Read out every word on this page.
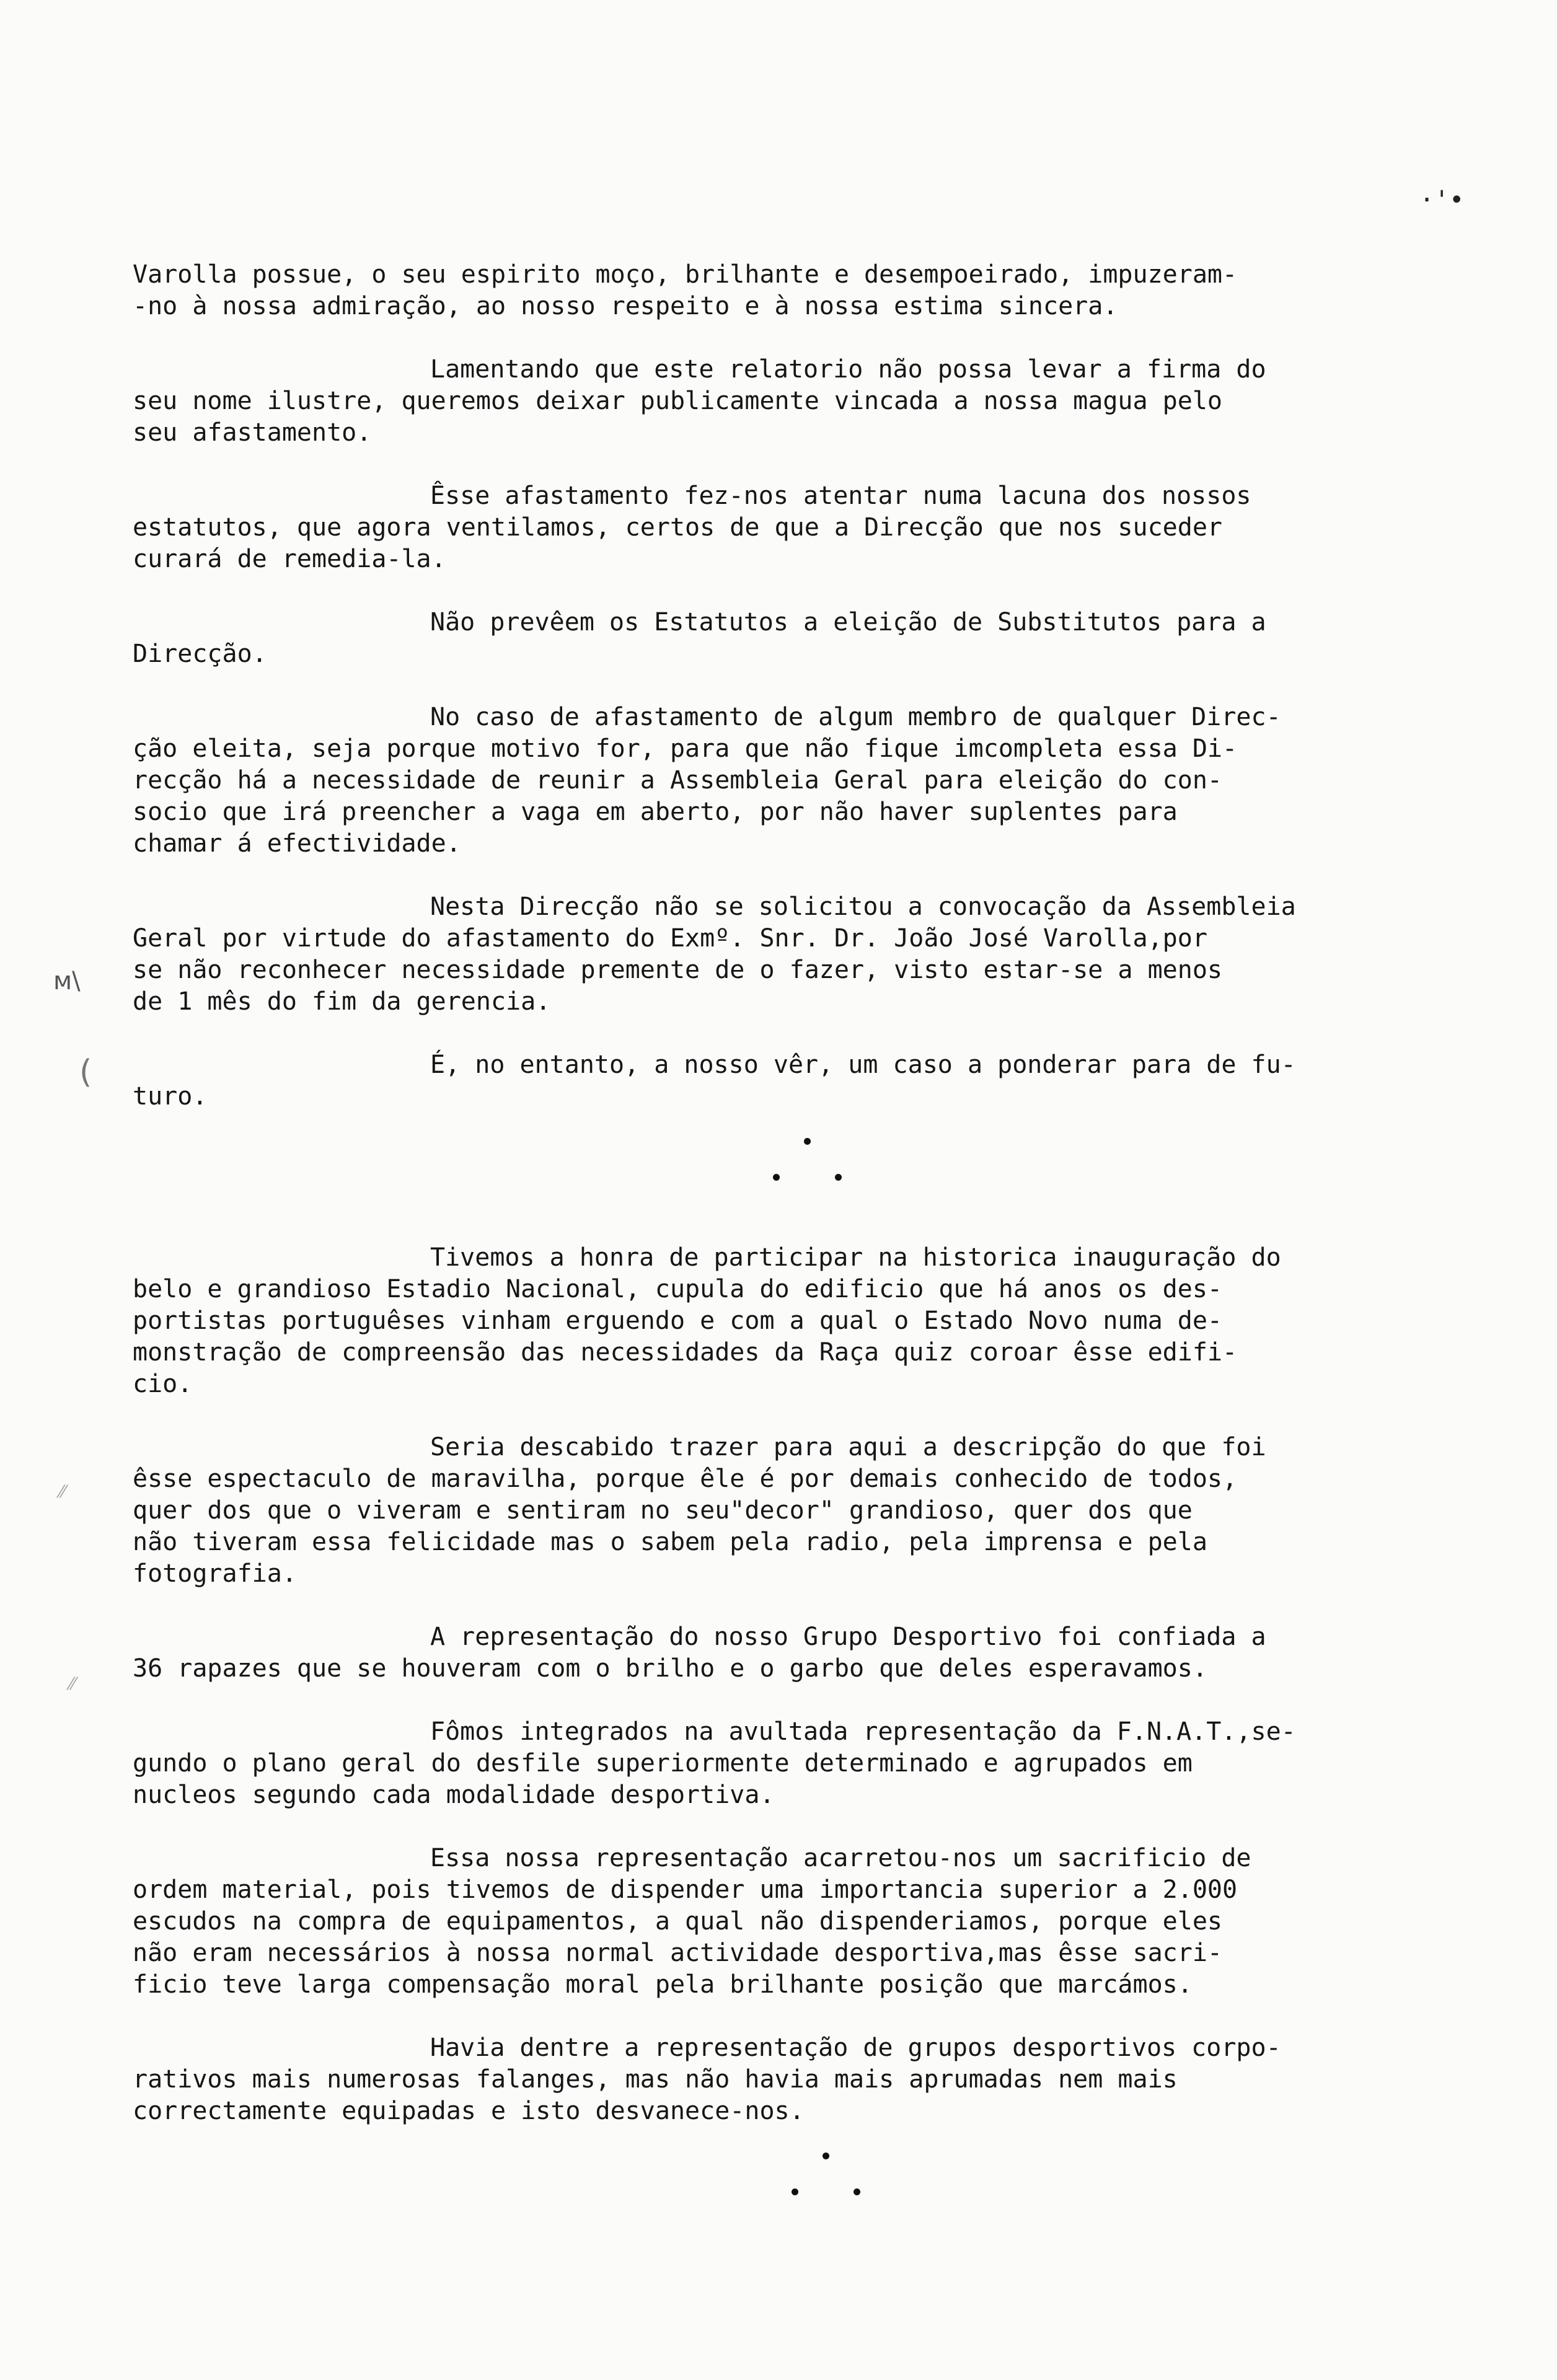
·'•
ᴍ\
(
⁄⁄
⁄⁄

Varolla possue, o seu espirito moço, brilhante e desempoeirado, impuzeram-
-no à nossa admiração, ao nosso respeito e à nossa estima sincera.

Lamentando que este relatorio não possa levar a firma do
seu nome ilustre, queremos deixar publicamente vincada a nossa magua pelo
seu afastamento.

Êsse afastamento fez-nos atentar numa lacuna dos nossos
estatutos, que agora ventilamos, certos de que a Direcção que nos suceder
curará de remedia-la.

Não prevêem os Estatutos a eleição de Substitutos para a
Direcção.

No caso de afastamento de algum membro de qualquer Direc-
ção eleita, seja porque motivo for, para que não fique imcompleta essa Di-
recção há a necessidade de reunir a Assembleia Geral para eleição do con-
socio que irá preencher a vaga em aberto, por não haver suplentes para
chamar á efectividade.

Nesta Direcção não se solicitou a convocação da Assembleia
Geral por virtude do afastamento do Exmº. Snr. Dr. João José Varolla,por
se não reconhecer necessidade premente de o fazer, visto estar-se a menos
de 1 mês do fim da gerencia.

É, no entanto, a nosso vêr, um caso a ponderar para de fu-
turo.

Tivemos a honra de participar na historica inauguração do
belo e grandioso Estadio Nacional, cupula do edificio que há anos os des-
portistas portuguêses vinham erguendo e com a qual o Estado Novo numa de-
monstração de compreensão das necessidades da Raça quiz coroar êsse edifi-
cio.

Seria descabido trazer para aqui a descripção do que foi
êsse espectaculo de maravilha, porque êle é por demais conhecido de todos,
quer dos que o viveram e sentiram no seu"decor" grandioso, quer dos que
não tiveram essa felicidade mas o sabem pela radio, pela imprensa e pela
fotografia.

A representação do nosso Grupo Desportivo foi confiada a
36 rapazes que se houveram com o brilho e o garbo que deles esperavamos.

Fômos integrados na avultada representação da F.N.A.T.,se-
gundo o plano geral do desfile superiormente determinado e agrupados em
nucleos segundo cada modalidade desportiva.

Essa nossa representação acarretou-nos um sacrificio de
ordem material, pois tivemos de dispender uma importancia superior a 2.000
escudos na compra de equipamentos, a qual não dispenderiamos, porque eles
não eram necessários à nossa normal actividade desportiva,mas êsse sacri-
ficio teve larga compensação moral pela brilhante posição que marcámos.

Havia dentre a representação de grupos desportivos corpo-
rativos mais numerosas falanges, mas não havia mais aprumadas nem mais
correctamente equipadas e isto desvanece-nos.
